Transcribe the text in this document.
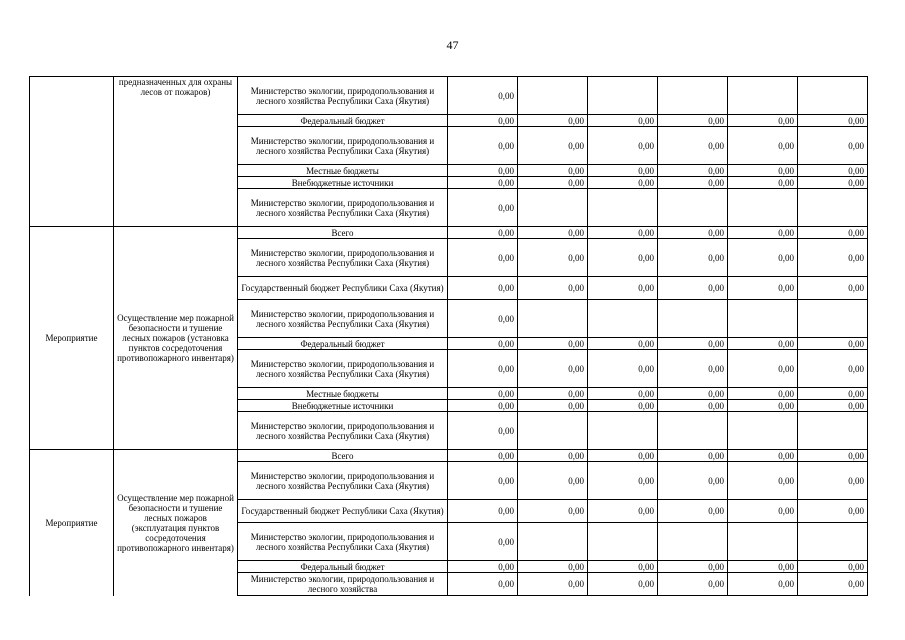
47
	предназначенных для охраны лесов от пожаров)	Министерство экологии, природопользования и лесного хозяйства Республики Саха (Якутия)	0,00					
		Федеральный бюджет	0,00	0,00	0,00	0,00	0,00	0,00
		Министерство экологии, природопользования и лесного хозяйства Республики Саха (Якутия)	0,00	0,00	0,00	0,00	0,00	0,00
		Местные бюджеты	0,00	0,00	0,00	0,00	0,00	0,00
		Внебюджетные источники	0,00	0,00	0,00	0,00	0,00	0,00
		Министерство экологии, природопользования и лесного хозяйства Республики Саха (Якутия)	0,00					
Мероприятие	Осуществление мер пожарной безопасности и тушение лесных пожаров (установка пунктов сосредоточения противопожарного инвентаря)	Всего	0,00	0,00	0,00	0,00	0,00	0,00
		Министерство экологии, природопользования и лесного хозяйства Республики Саха (Якутия)	0,00	0,00	0,00	0,00	0,00	0,00
		Государственный бюджет Республики Саха (Якутия)	0,00	0,00	0,00	0,00	0,00	0,00
		Министерство экологии, природопользования и лесного хозяйства Республики Саха (Якутия)	0,00					
		Федеральный бюджет	0,00	0,00	0,00	0,00	0,00	0,00
		Министерство экологии, природопользования и лесного хозяйства Республики Саха (Якутия)	0,00	0,00	0,00	0,00	0,00	0,00
		Местные бюджеты	0,00	0,00	0,00	0,00	0,00	0,00
		Внебюджетные источники	0,00	0,00	0,00	0,00	0,00	0,00
		Министерство экологии, природопользования и лесного хозяйства Республики Саха (Якутия)	0,00					
Мероприятие	Осуществление мер пожарной безопасности и тушение лесных пожаров (эксплуатация пунктов сосредоточения противопожарного инвентаря)	Всего	0,00	0,00	0,00	0,00	0,00	0,00
		Министерство экологии, природопользования и лесного хозяйства Республики Саха (Якутия)	0,00	0,00	0,00	0,00	0,00	0,00
		Государственный бюджет Республики Саха (Якутия)	0,00	0,00	0,00	0,00	0,00	0,00
		Министерство экологии, природопользования и лесного хозяйства Республики Саха (Якутия)	0,00					
		Федеральный бюджет	0,00	0,00	0,00	0,00	0,00	0,00
		Министерство экологии, природопользования и лесного хозяйства	0,00	0,00	0,00	0,00	0,00	0,00
